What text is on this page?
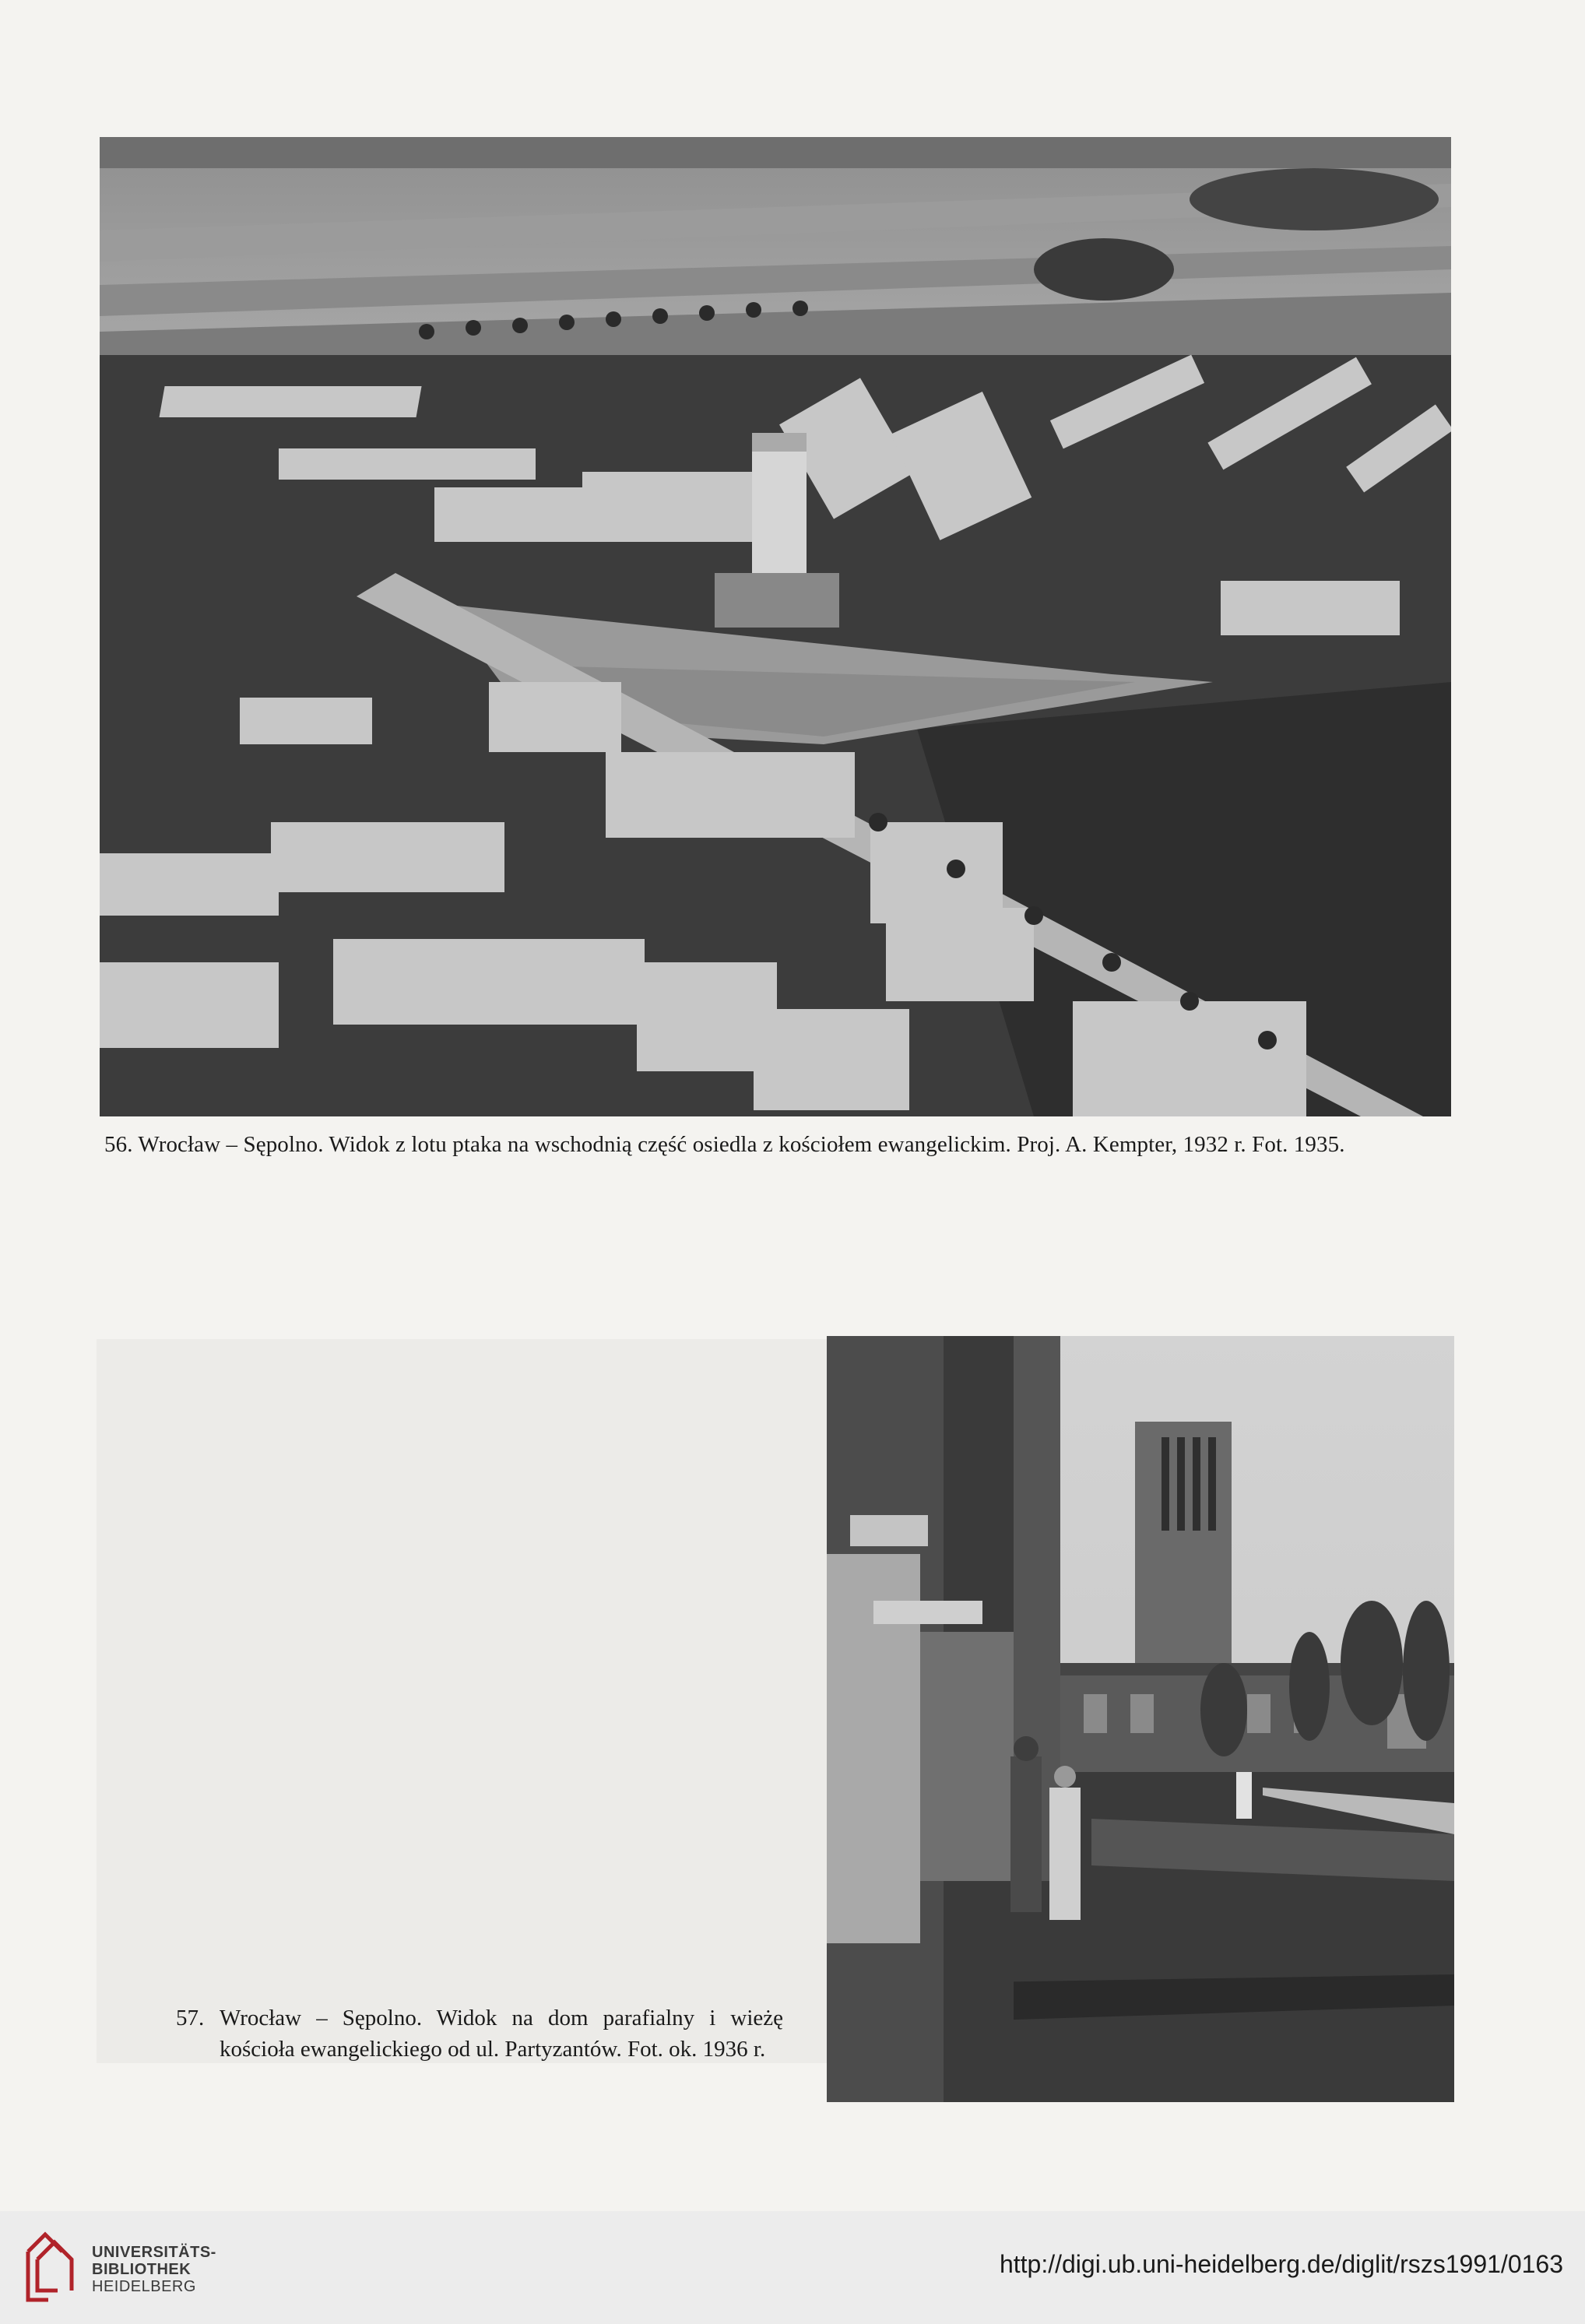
56. Wrocław – Sępolno. Widok z lotu ptaka na wschodnią część osiedla z kościołem ewangelickim. Proj. A. Kempter, 1932 r. Fot. 1935.
57. Wrocław – Sępolno. Widok na dom parafialny i wieżę kościoła ewangelickiego od ul. Partyzantów. Fot. ok. 1936 r.
UNIVERSITÄTS-
BIBLIOTHEK
HEIDELBERG
http://digi.ub.uni-heidelberg.de/diglit/rszs1991/0163
